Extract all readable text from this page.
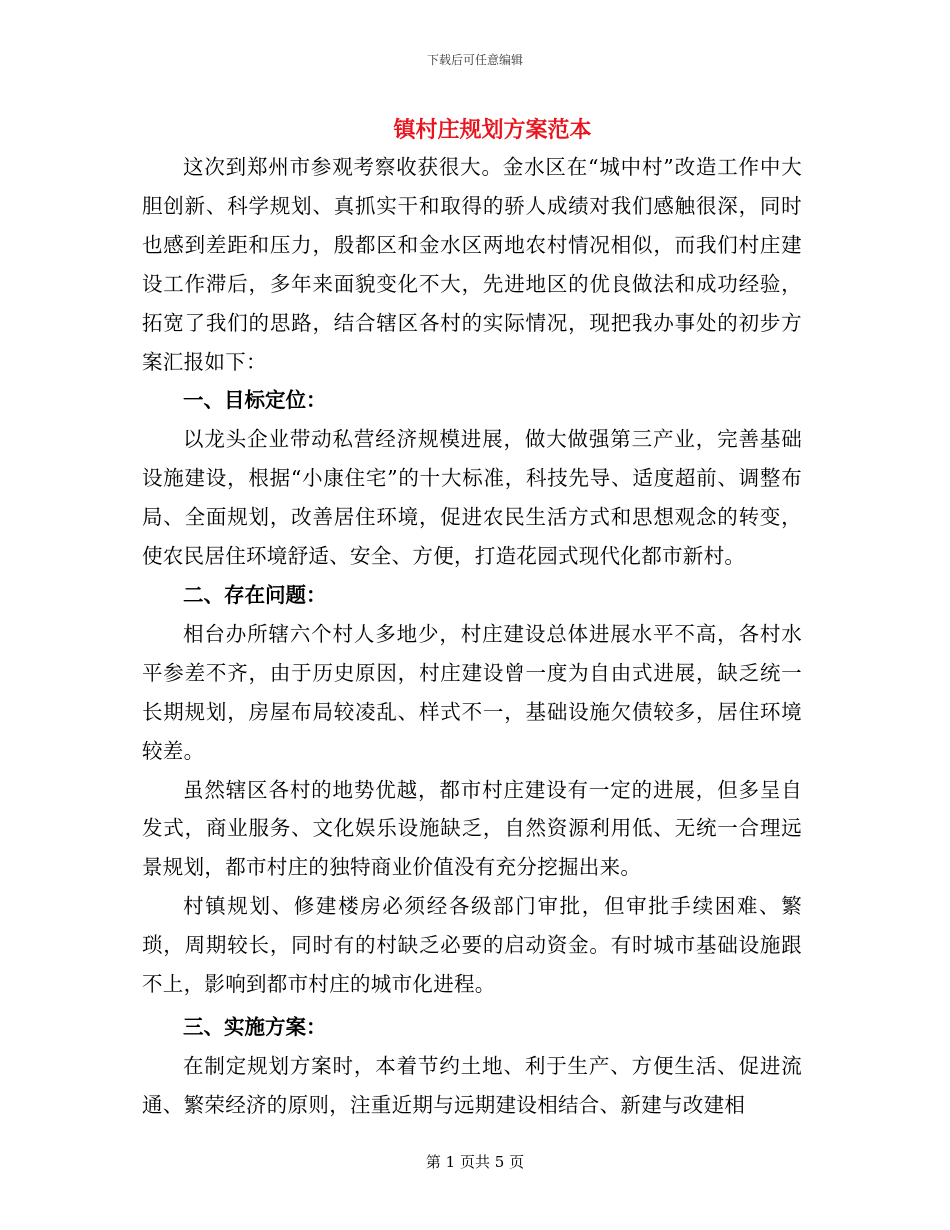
下载后可任意编辑
镇村庄规划方案范本

这次到郑州市参观考察收获很大。金水区在“城中村”改造工作中大胆创新、科学规划、真抓实干和取得的骄人成绩对我们感触很深，同时也感到差距和压力，殷都区和金水区两地农村情况相似，而我们村庄建设工作滞后，多年来面貌变化不大，先进地区的优良做法和成功经验，拓宽了我们的思路，结合辖区各村的实际情况，现把我办事处的初步方案汇报如下：

一、目标定位：

以龙头企业带动私营经济规模进展，做大做强第三产业，完善基础设施建设，根据“小康住宅”的十大标准，科技先导、适度超前、调整布局、全面规划，改善居住环境，促进农民生活方式和思想观念的转变，使农民居住环境舒适、安全、方便，打造花园式现代化都市新村。

二、存在问题：

相台办所辖六个村人多地少，村庄建设总体进展水平不高，各村水平参差不齐，由于历史原因，村庄建设曾一度为自由式进展，缺乏统一长期规划，房屋布局较凌乱、样式不一，基础设施欠债较多，居住环境较差。

虽然辖区各村的地势优越，都市村庄建设有一定的进展，但多呈自发式，商业服务、文化娱乐设施缺乏，自然资源利用低、无统一合理远景规划，都市村庄的独特商业价值没有充分挖掘出来。

村镇规划、修建楼房必须经各级部门审批，但审批手续困难、繁琐，周期较长，同时有的村缺乏必要的启动资金。有时城市基础设施跟不上，影响到都市村庄的城市化进程。

三、实施方案：

在制定规划方案时，本着节约土地、利于生产、方便生活、促进流通、繁荣经济的原则，注重近期与远期建设相结合、新建与改建相

第 1 页共 5 页
